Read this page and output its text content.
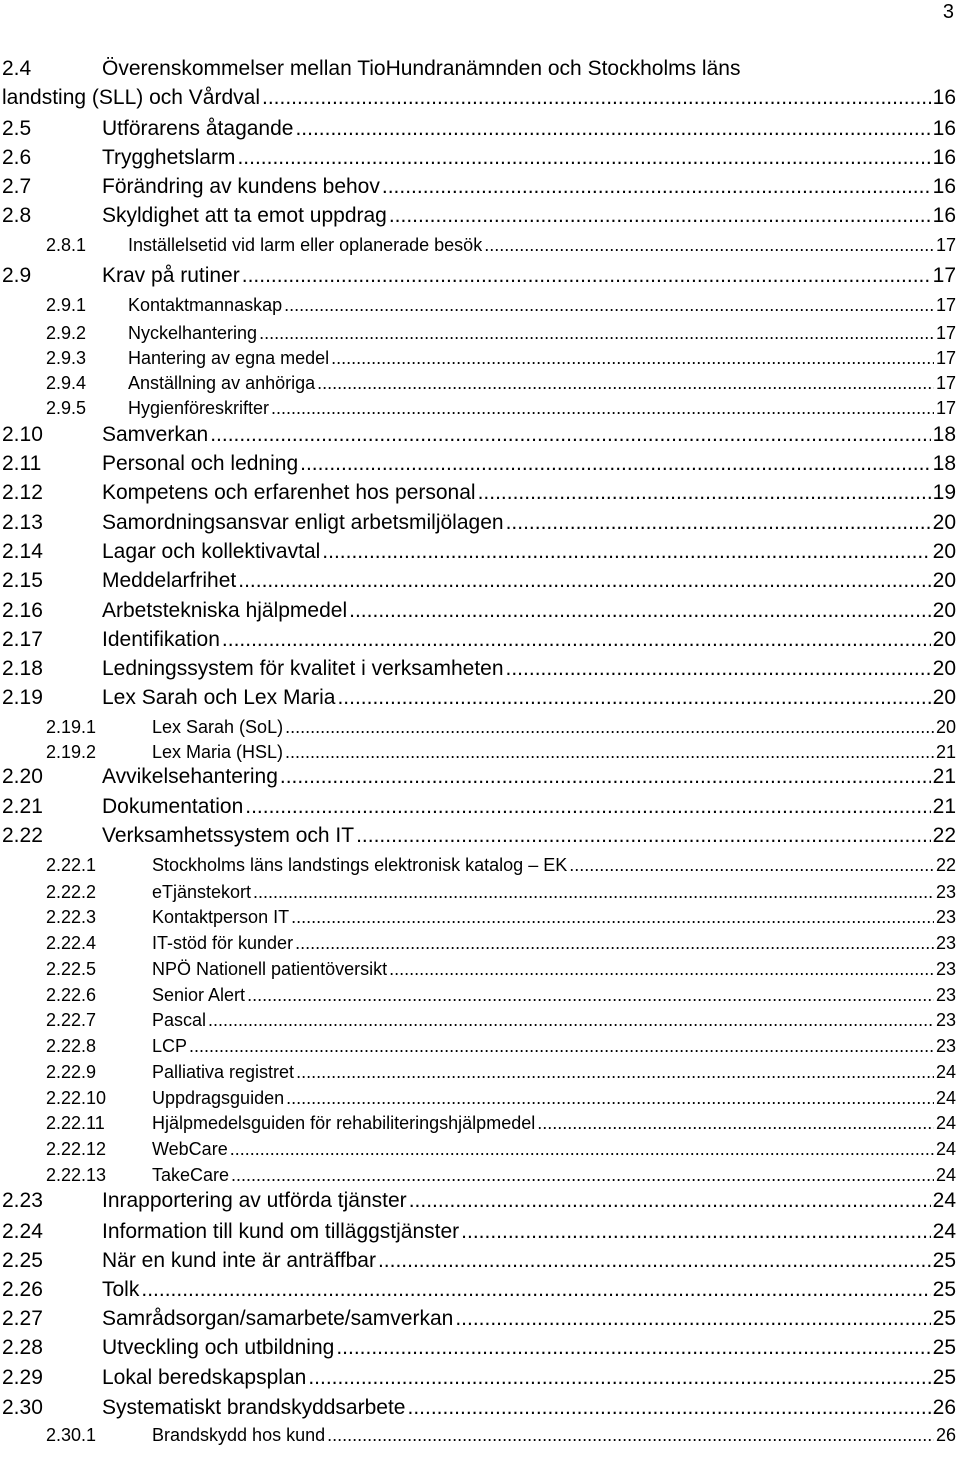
3
2.4	Överenskommelser mellan TioHundranämnden och Stockholms läns
landsting (SLL) och Vårdval .....	16
2.5	Utförarens åtagande .....	16
2.6	Trygghetslarm .....	16
2.7	Förändring av kundens behov .....	16
2.8	Skyldighet att ta emot uppdrag .....	16
2.8.1 Inställelsetid vid larm eller oplanerade besök .....	17
2.9	Krav på rutiner .....	17
2.9.1 Kontaktmannaskap .....	17
2.9.2 Nyckelhantering .....	17
2.9.3 Hantering av egna medel .....	17
2.9.4 Anställning av anhöriga .....	17
2.9.5 Hygienföreskrifter .....	17
2.10	Samverkan .....	18
2.11	Personal och ledning .....	18
2.12	Kompetens och erfarenhet hos personal .....	19
2.13	Samordningsansvar enligt arbetsmiljölagen .....	20
2.14	Lagar och kollektivavtal .....	20
2.15	Meddelarfrihet .....	20
2.16	Arbetstekniska hjälpmedel .....	20
2.17	Identifikation .....	20
2.18	Ledningssystem för kvalitet i verksamheten .....	20
2.19	Lex Sarah och Lex Maria .....	20
2.19.1	Lex Sarah (SoL) .....	20
2.19.2	Lex Maria (HSL) .....	21
2.20	Avvikelsehantering .....	21
2.21	Dokumentation .....	21
2.22	Verksamhetssystem och IT .....	22
2.22.1	Stockholms läns landstings elektronisk katalog – EK .....	22
2.22.2	eTjänstekort .....	23
2.22.3	Kontaktperson IT .....	23
2.22.4	IT-stöd för kunder .....	23
2.22.5	NPÖ Nationell patientöversikt .....	23
2.22.6	Senior Alert .....	23
2.22.7	Pascal .....	23
2.22.8	LCP .....	23
2.22.9	Palliativa registret .....	24
2.22.10	Uppdragsguiden .....	24
2.22.11	Hjälpmedelsguiden för rehabiliteringshjälpmedel .....	24
2.22.12	WebCare .....	24
2.22.13	TakeCare .....	24
2.23	Inrapportering av utförda tjänster .....	24
2.24	Information till kund om tilläggstjänster .....	24
2.25	När en kund inte är anträffbar .....	25
2.26	Tolk .....	25
2.27	Samrådsorgan/samarbete/samverkan .....	25
2.28	Utveckling och utbildning .....	25
2.29	Lokal beredskapsplan .....	25
2.30	Systematiskt brandskyddsarbete .....	26
2.30.1	Brandskydd hos kund .....	26
